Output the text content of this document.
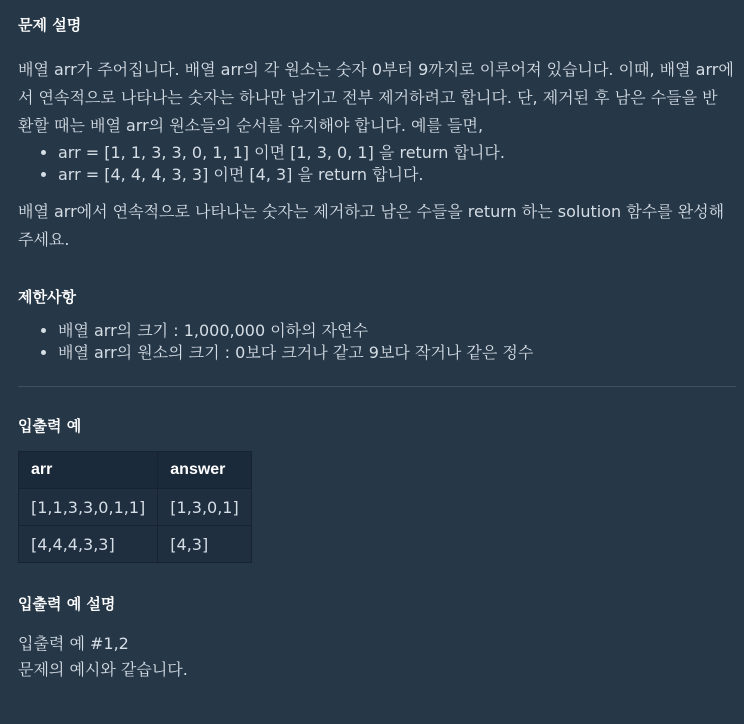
문제 설명

배열 arr가 주어집니다. 배열 arr의 각 원소는 숫자 0부터 9까지로 이루어져 있습니다. 이때, 배열 arr에
서 연속적으로 나타나는 숫자는 하나만 남기고 전부 제거하려고 합니다. 단, 제거된 후 남은 수들을 반
환할 때는 배열 arr의 원소들의 순서를 유지해야 합니다. 예를 들면,

• arr = [1, 1, 3, 3, 0, 1, 1] 이면 [1, 3, 0, 1] 을 return 합니다.
• arr = [4, 4, 4, 3, 3] 이면 [4, 3] 을 return 합니다.

배열 arr에서 연속적으로 나타나는 숫자는 제거하고 남은 수들을 return 하는 solution 함수를 완성해
주세요.

제한사항
• 배열 arr의 크기 : 1,000,000 이하의 자연수
• 배열 arr의 원소의 크기 : 0보다 크거나 같고 9보다 작거나 같은 정수
입출력 예
arr	answer
[1,1,3,3,0,1,1]	[1,3,0,1]
[4,4,4,3,3]	[4,3]
입출력 예 설명

입출력 예 #1,2
문제의 예시와 같습니다.
